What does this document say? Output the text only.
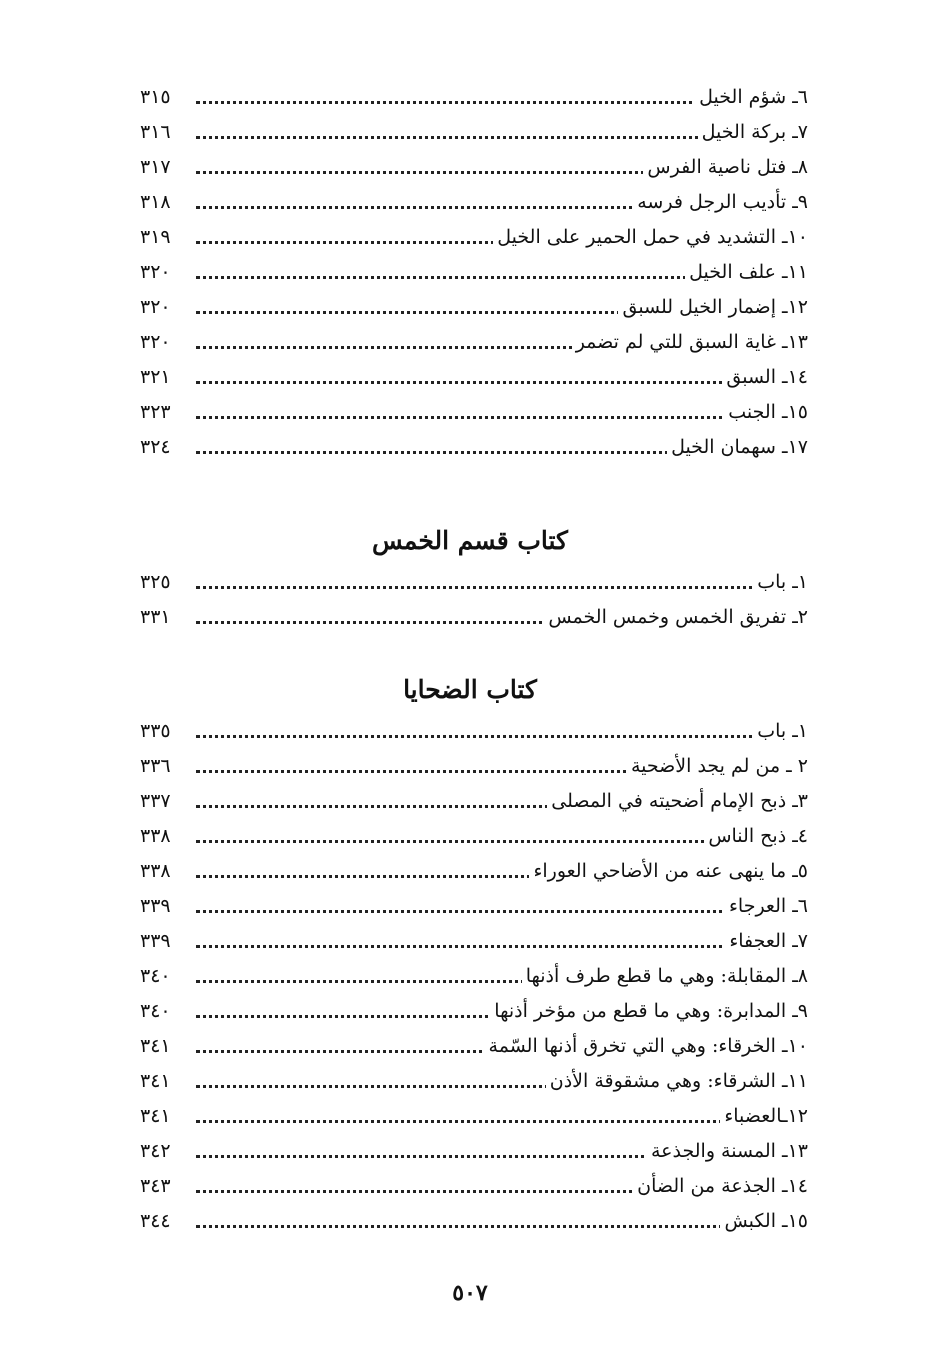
٦ـ شؤم الخيل
٣١٥
٧ـ بركة الخيل
٣١٦
٨ـ فتل ناصية الفرس
٣١٧
٩ـ تأديب الرجل فرسه
٣١٨
١٠ـ التشديد في حمل الحمير على الخيل
٣١٩
١١ـ علف الخيل
٣٢٠
١٢ـ إضمار الخيل للسبق
٣٢٠
١٣ـ غاية السبق للتي لم تضمر
٣٢٠
١٤ـ السبق
٣٢١
١٥ـ الجنب
٣٢٣
١٧ـ سهمان الخيل
٣٢٤
كتاب قسم الخمس
١ـ باب
٣٢٥
٢ـ تفريق الخمس وخمس الخمس
٣٣١
كتاب الضحايا
١ـ باب
٣٣٥
٢ ـ من لم يجد الأضحية
٣٣٦
٣ـ ذبح الإمام أضحيته في المصلى
٣٣٧
٤ـ ذبح الناس
٣٣٨
٥ـ ما ينهى عنه من الأضاحي العوراء
٣٣٨
٦ـ العرجاء
٣٣٩
٧ـ العجفاء
٣٣٩
٨ـ المقابلة: وهي ما قطع طرف أذنها
٣٤٠
٩ـ المدابرة: وهي ما قطع من مؤخر أذنها
٣٤٠
١٠ـ الخرقاء: وهي التي تخرق أذنها السّمة
٣٤١
١١ـ الشرقاء: وهي مشقوقة الأذن
٣٤١
١٢ـالعضباء
٣٤١
١٣ـ المسنة والجذعة
٣٤٢
١٤ـ الجذعة من الضأن
٣٤٣
١٥ـ الكبش
٣٤٤
٥٠٧
